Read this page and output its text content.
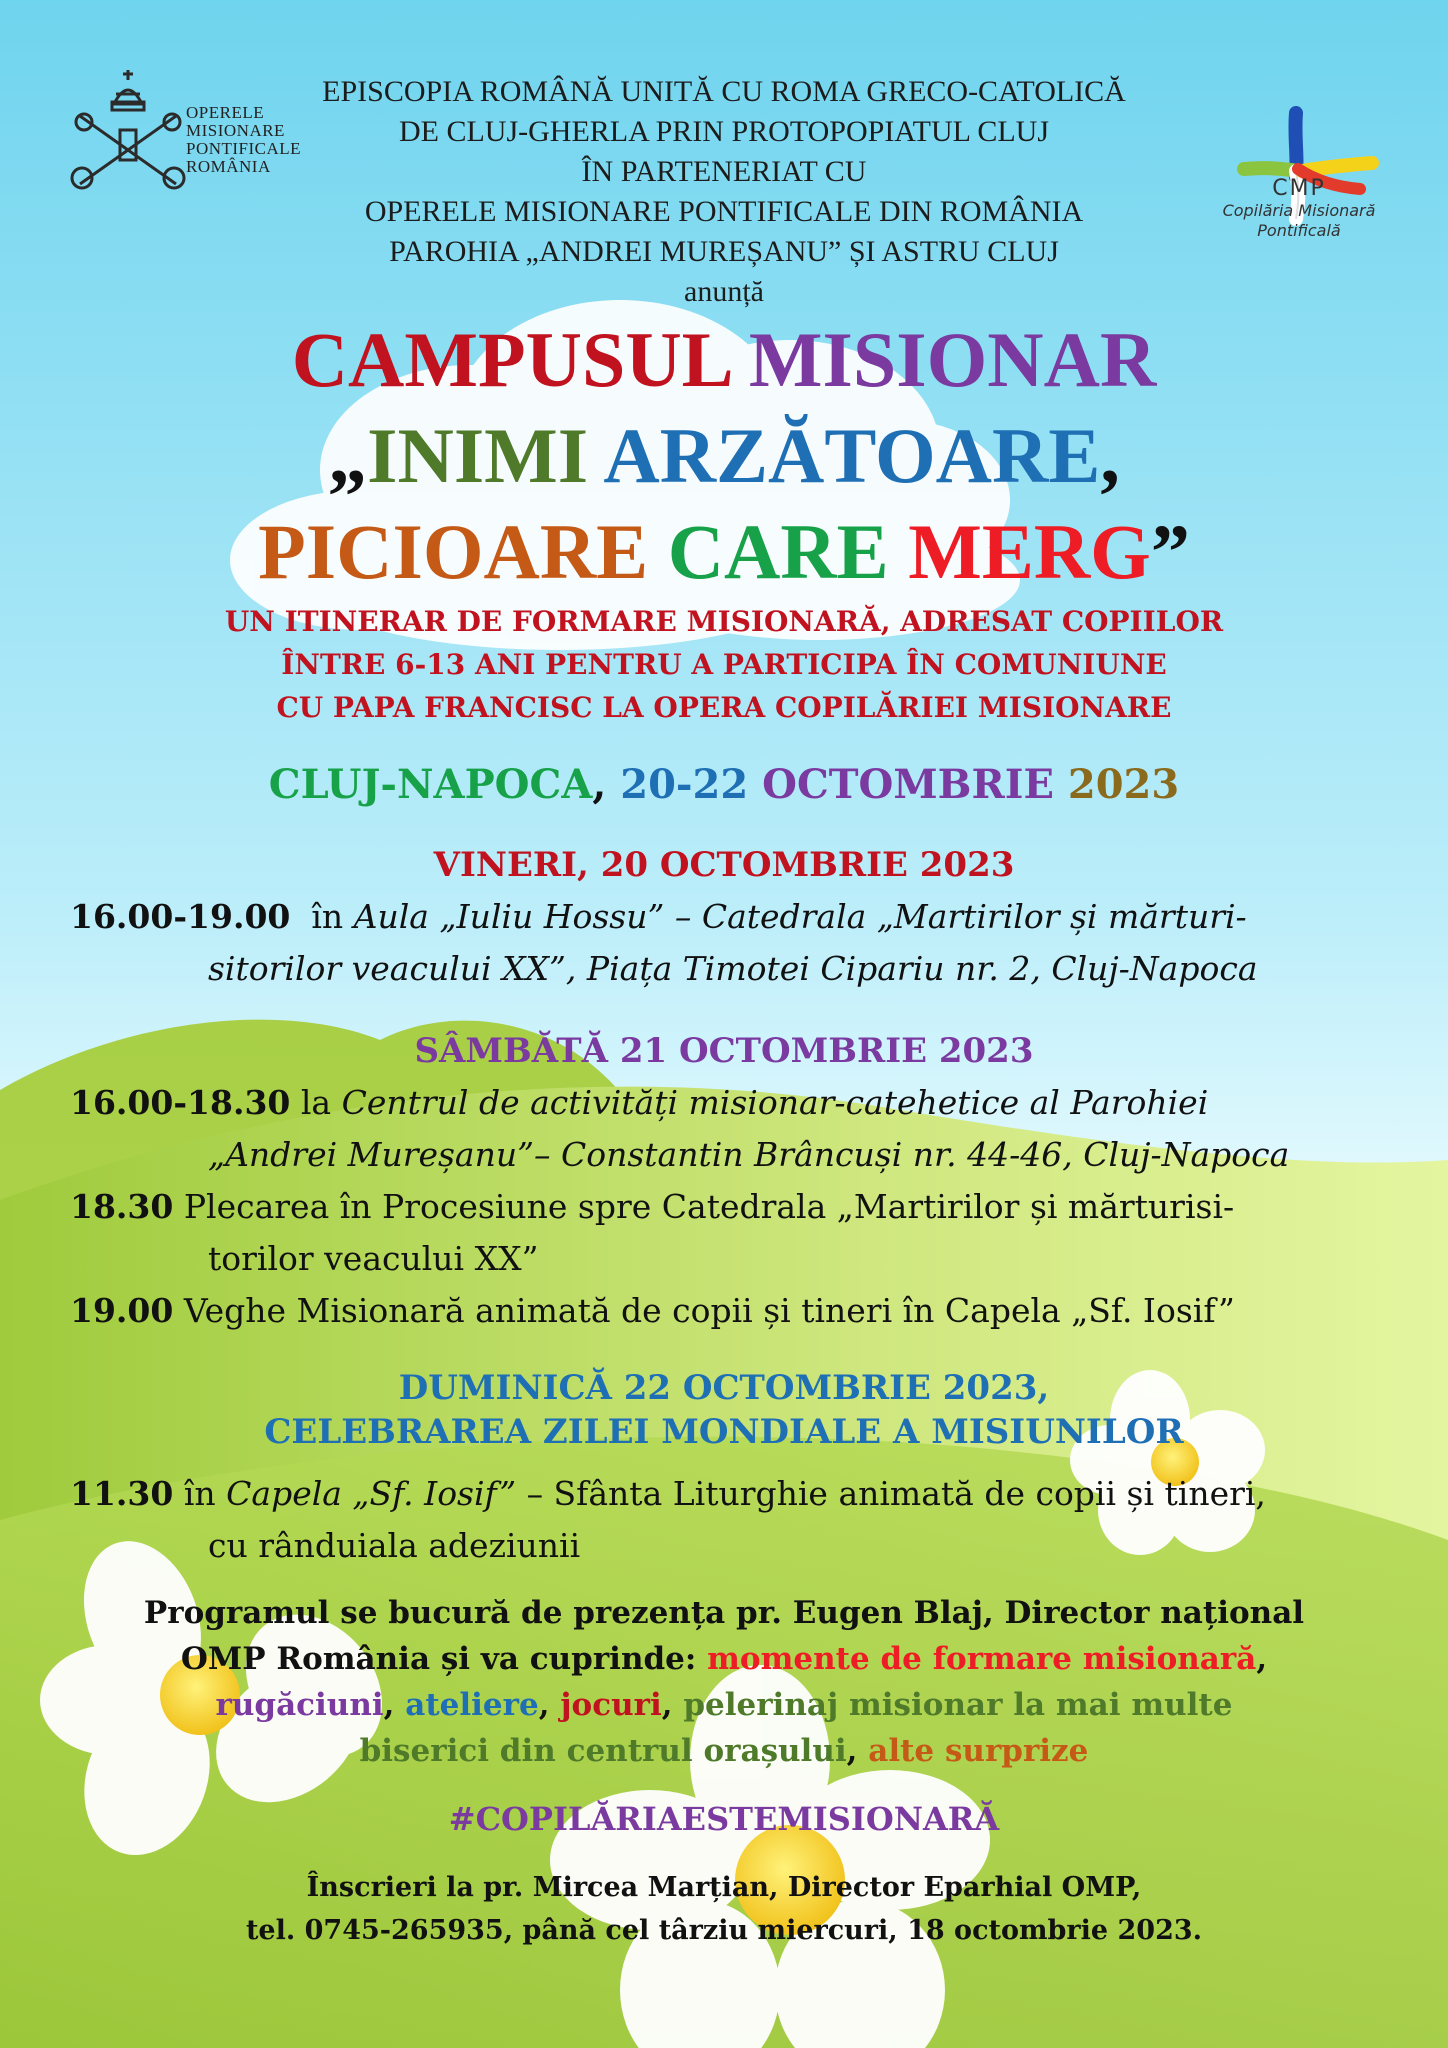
OPERELE
MISIONARE
PONTIFICALE
ROMÂNIA
CMP
Copilăria Misionară
Pontificală
EPISCOPIA ROMÂNĂ UNITĂ CU ROMA GRECO-CATOLICĂ
DE CLUJ-GHERLA PRIN PROTOPOPIATUL CLUJ
ÎN PARTENERIAT CU
OPERELE MISIONARE PONTIFICALE DIN ROMÂNIA
PAROHIA „ANDREI MUREȘANU” ȘI ASTRU CLUJ
anunță
CAMPUSUL MISIONAR
„INIMI ARZĂTOARE,
PICIOARE CARE MERG”
UN ITINERAR DE FORMARE MISIONARĂ, ADRESAT COPIILOR
ÎNTRE 6-13 ANI PENTRU A PARTICIPA ÎN COMUNIUNE
CU PAPA FRANCISC LA OPERA COPILĂRIEI MISIONARE
CLUJ-NAPOCA, 20-22 OCTOMBRIE 2023
VINERI, 20 OCTOMBRIE 2023
16.00-19.00  în Aula „Iuliu Hossu” – Catedrala „Martirilor și mărturi-
sitorilor veacului XX”, Piața Timotei Cipariu nr. 2, Cluj-Napoca
SÂMBĂTĂ 21 OCTOMBRIE 2023
16.00-18.30 la Centrul de activități misionar-catehetice al Parohiei
„Andrei Mureșanu”– Constantin Brâncuși nr. 44-46, Cluj-Napoca
18.30 Plecarea în Procesiune spre Catedrala „Martirilor și mărturisi-
torilor veacului XX”
19.00 Veghe Misionară animată de copii și tineri în Capela „Sf. Iosif”
DUMINICĂ 22 OCTOMBRIE 2023,
CELEBRAREA ZILEI MONDIALE A MISIUNILOR
11.30 în Capela „Sf. Iosif” – Sfânta Liturghie animată de copii și tineri,
cu rânduiala adeziunii
Programul se bucură de prezența pr. Eugen Blaj, Director național
OMP România și va cuprinde: momente de formare misionară,
rugăciuni, ateliere, jocuri, pelerinaj misionar la mai multe
biserici din centrul orașului, alte surprize
#COPILĂRIAESTEMISIONARĂ
Înscrieri la pr. Mircea Marțian, Director Eparhial OMP,
tel. 0745-265935, până cel târziu miercuri, 18 octombrie 2023.
